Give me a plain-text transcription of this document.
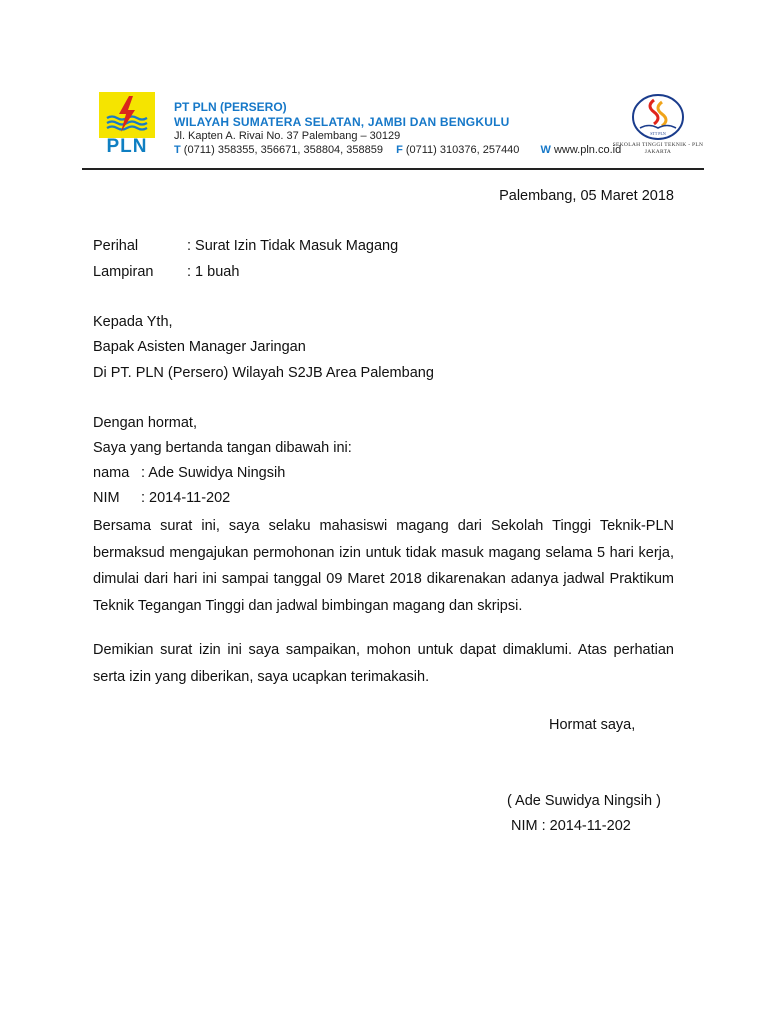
PLN
PT PLN (PERSERO)
WILAYAH SUMATERA SELATAN, JAMBI DAN BENGKULU
Jl. Kapten A. Rivai No. 37 Palembang – 30129
T (0711) 358355, 356671, 358804, 358859 F (0711) 310376, 257440 W www.pln.co.id
STT PLN
SEKOLAH TINGGI TEKNIK - PLN
JAKARTA
Palembang, 05 Maret 2018
Perihal	: Surat Izin Tidak Masuk Magang
Lampiran : 1 buah
Kepada Yth,
Bapak Asisten Manager Jaringan
Di PT. PLN (Persero) Wilayah S2JB Area Palembang
Dengan hormat,
Saya yang bertanda tangan dibawah ini:
nama : Ade Suwidya Ningsih
NIM : 2014-11-202
Bersama surat ini, saya selaku mahasiswi magang dari Sekolah Tinggi Teknik-PLN bermaksud mengajukan permohonan izin untuk tidak masuk magang selama 5 hari kerja, dimulai dari hari ini sampai tanggal 09 Maret 2018 dikarenakan adanya jadwal Praktikum Teknik Tegangan Tinggi dan jadwal bimbingan magang dan skripsi.
Demikian surat izin ini saya sampaikan, mohon untuk dapat dimaklumi. Atas perhatian serta izin yang diberikan, saya ucapkan terimakasih.
Hormat saya,
( Ade Suwidya Ningsih )
NIM : 2014-11-202
